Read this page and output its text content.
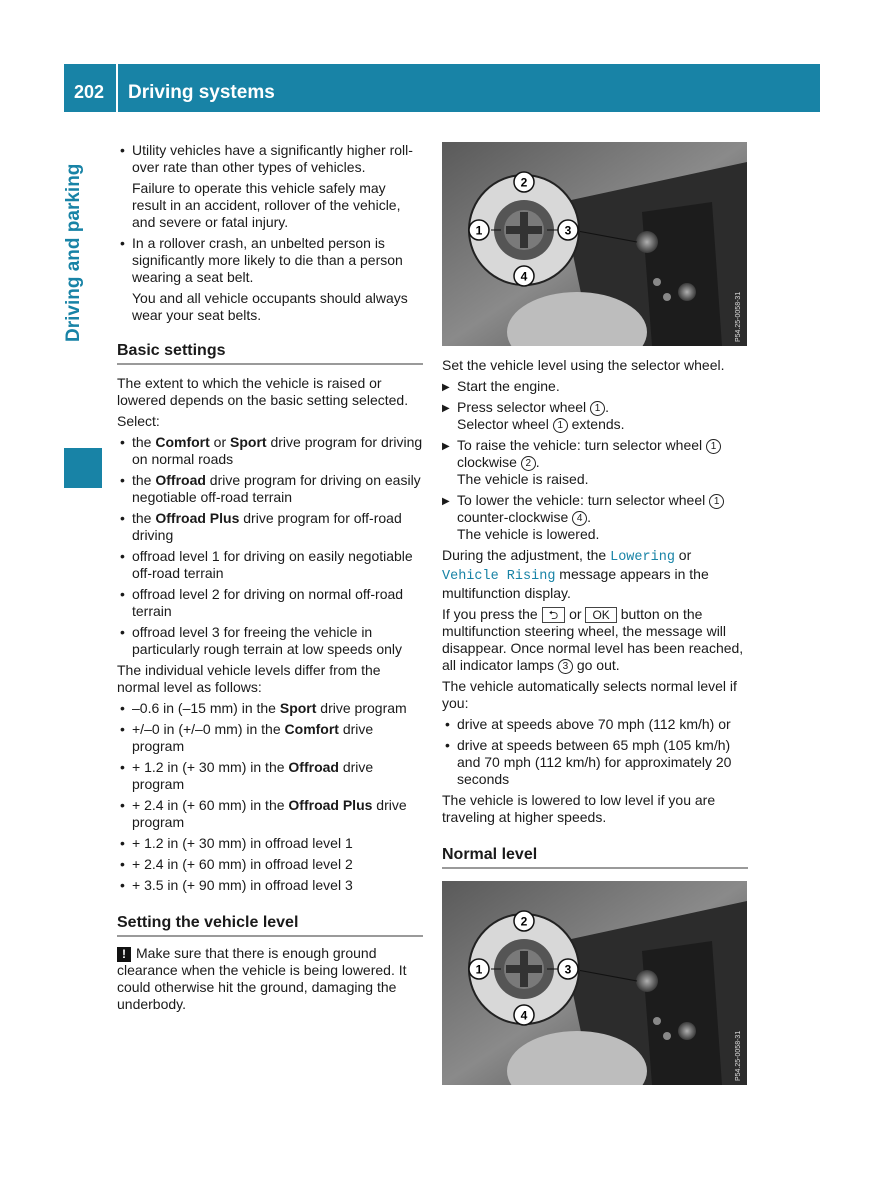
202 Driving systems
Driving and parking
• Utility vehicles have a significantly higher roll-over rate than other types of vehicles.
Failure to operate this vehicle safely may result in an accident, rollover of the vehicle, and severe or fatal injury.
• In a rollover crash, an unbelted person is significantly more likely to die than a person wearing a seat belt.
You and all vehicle occupants should always wear your seat belts.
Basic settings

The extent to which the vehicle is raised or lowered depends on the basic setting selected.

Select:

• the Comfort or Sport drive program for driving on normal roads
• the Offroad drive program for driving on easily negotiable off-road terrain
• the Offroad Plus drive program for off-road driving
• offroad level 1 for driving on easily negotiable off-road terrain
• offroad level 2 for driving on normal off-road terrain
• offroad level 3 for freeing the vehicle in particularly rough terrain at low speeds only

The individual vehicle levels differ from the normal level as follows:

• –0.6 in (–15 mm) in the Sport drive program
• +/–0 in (+/–0 mm) in the Comfort drive program
• + 1.2 in (+ 30 mm) in the Offroad drive program
• + 2.4 in (+ 60 mm) in the Offroad Plus drive program
• + 1.2 in (+ 30 mm) in offroad level 1
• + 2.4 in (+ 60 mm) in offroad level 2
• + 3.5 in (+ 90 mm) in offroad level 3
Setting the vehicle level

! Make sure that there is enough ground clearance when the vehicle is being lowered. It could otherwise hit the ground, damaging the underbody.

2
1	3
4
P54.25-0058-31

Set the vehicle level using the selector wheel.

▶ Start the engine.
▶ Press selector wheel 1 .
Selector wheel 1 extends.
▶ To raise the vehicle: turn selector wheel 1 clockwise 2 .
The vehicle is raised.
▶ To lower the vehicle: turn selector wheel 1 counter-clockwise 4 .
The vehicle is lowered.

During the adjustment, the Lowering or Vehicle Rising message appears in the multifunction display.

If you press the ⮌ or OK button on the multifunction steering wheel, the message will disappear. Once normal level has been reached, all indicator lamps 3 go out.

The vehicle automatically selects normal level if you:

• drive at speeds above 70 mph (112 km/h) or
• drive at speeds between 65 mph (105 km/h) and 70 mph (112 km/h) for approximately 20 seconds

The vehicle is lowered to low level if you are traveling at higher speeds.

Normal level
2
1	3
4
P54.25-0058-31
